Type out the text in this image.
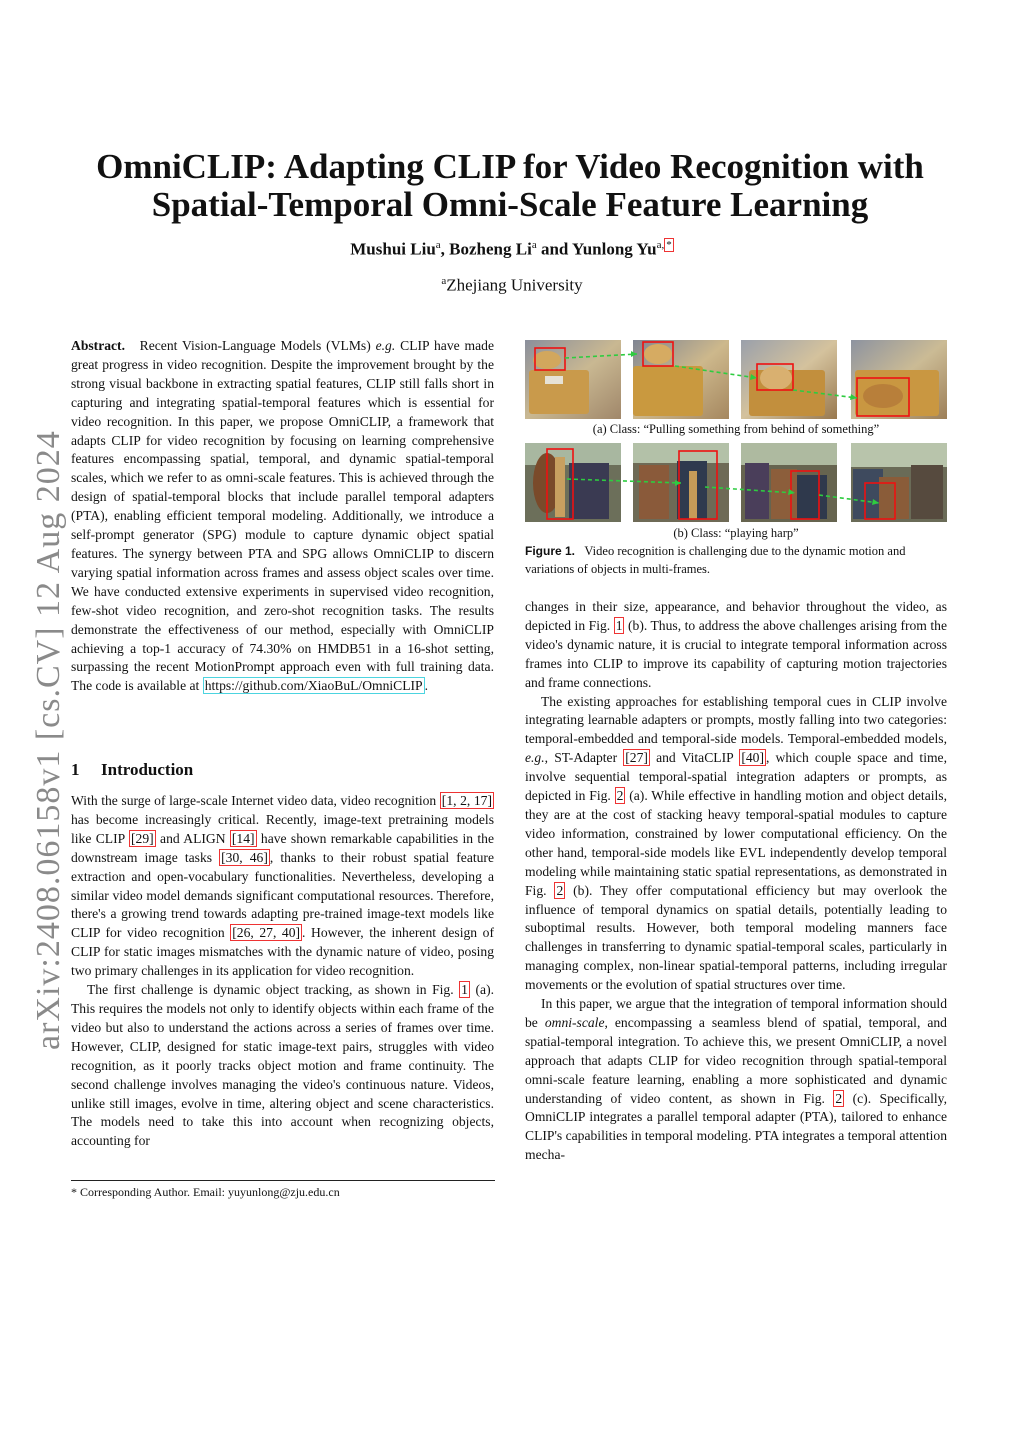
arXiv:2408.06158v1 [cs.CV] 12 Aug 2024
OmniCLIP: Adapting CLIP for Video Recognition with Spatial-Temporal Omni-Scale Feature Learning
Mushui Liu$^a$, Bozheng Li$^a$ and Yunlong $Yu^{a,}$ *
$^a$Zhejiang University

Abstract. Recent Vision-Language Models (VLMs) e.g. CLIP have made great progress in video recognition. Despite the improvement brought by the strong visual backbone in extracting spatial features, CLIP still falls short in capturing and integrating spatial-temporal features which is essential for video recognition. In this paper, we propose OmniCLIP, a framework that adapts CLIP for video recognition by focusing on learning comprehensive features encompassing spatial, temporal, and dynamic spatial-temporal scales, which we refer to as omni-scale features. This is achieved through the design of spatial-temporal blocks that include parallel temporal adapters (PTA), enabling efficient temporal modeling. Additionally, we introduce a self-prompt generator (SPG) module to capture dynamic object spatial features. The synergy between PTA and SPG allows OmniCLIP to discern varying spatial information across frames and assess object scales over time. We have conducted extensive experiments in supervised video recognition, few-shot video recognition, and zero-shot recognition tasks. The results demonstrate the effectiveness of our method, especially with OmniCLIP achieving a top-1 accuracy of 74.30% on HMDB51 in a 16-shot setting, surpassing the recent MotionPrompt approach even with full training data. The code is available at https://github.com/XiaoBuL/OmniCLIP .

1 Introduction

With the surge of large-scale Internet video data, video recognition [1, 2, 17] has become increasingly critical. Recently, image-text pretraining models like CLIP [29] and ALIGN [14] have shown remarkable capabilities in the downstream image tasks [30, 46] , thanks to their robust spatial feature extraction and open-vocabulary functionalities. Nevertheless, developing a similar video model demands significant computational resources. Therefore, there's a growing trend towards adapting pre-trained image-text models like CLIP for video recognition [26, 27, 40] . However, the inherent design of CLIP for static images mismatches with the dynamic nature of video, posing two primary challenges in its application for video recognition.

The first challenge is dynamic object tracking, as shown in Fig. 1 (a). This requires the models not only to identify objects within each frame of the video but also to understand the actions across a series of frames over time. However, CLIP, designed for static image-text pairs, struggles with video recognition, as it poorly tracks object motion and frame continuity. The second challenge involves managing the video's continuous nature. Videos, unlike still images, evolve in time, altering object and scene characteristics. The models need to take this into account when recognizing objects, accounting for

* Corresponding Author. Email: yuyunlong@zju.edu.cn
(a) Class: “Pulling something from behind of something”
(b) Class: “playing harp”
Figure 1. Video recognition is challenging due to the dynamic motion and variations of objects in multi-frames.

changes in their size, appearance, and behavior throughout the video, as depicted in Fig. 1 (b). Thus, to address the above challenges arising from the video's dynamic nature, it is crucial to integrate temporal information across frames into CLIP to improve its capability of capturing motion trajectories and frame connections.

The existing approaches for establishing temporal cues in CLIP involve integrating learnable adapters or prompts, mostly falling into two categories: temporal-embedded and temporal-side models. Temporal-embedded models, e.g., ST-Adapter [27] and VitaCLIP [40] , which couple space and time, involve sequential temporal-spatial integration adapters or prompts, as depicted in Fig. 2 (a). While effective in handling motion and object details, they are at the cost of stacking heavy temporal-spatial modules to capture video information, constrained by lower computational efficiency. On the other hand, temporal-side models like EVL independently develop temporal modeling while maintaining static spatial representations, as demonstrated in Fig. 2 (b). They offer computational efficiency but may overlook the influence of temporal dynamics on spatial details, potentially leading to suboptimal results. However, both temporal modeling manners face challenges in transferring to dynamic spatial-temporal scales, particularly in managing complex, non-linear spatial-temporal patterns, including irregular movements or the evolution of spatial structures over time.

In this paper, we argue that the integration of temporal information should be omni-scale, encompassing a seamless blend of spatial, temporal, and spatial-temporal integration. To achieve this, we present OmniCLIP, a novel approach that adapts CLIP for video recognition through spatial-temporal omni-scale feature learning, enabling a more sophisticated and dynamic understanding of video content, as shown in Fig. 2 (c). Specifically, OmniCLIP integrates a parallel temporal adapter (PTA), tailored to enhance CLIP's capabilities in temporal modeling. PTA integrates a temporal attention mecha-
